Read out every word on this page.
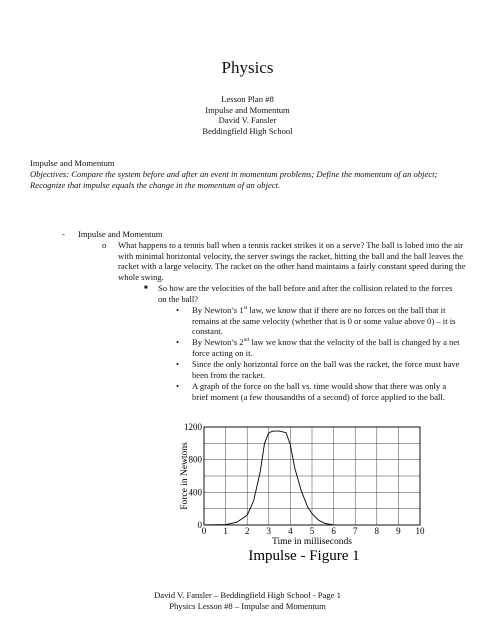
Physics
Lesson Plan #8
Impulse and Momentum
David V. Fansler
Beddingfield High School
Impulse and Momentum
Objectives: Compare the system before and after an event in momentum problems; Define the momentum of an object; Recognize that impulse equals the change in the momentum of an object.
- Impulse and Momentum
o What happens to a tennis ball when a tennis racket strikes it on a serve? The ball is lobed into the air with minimal horizontal velocity, the server swings the racket, hitting the ball and the ball leaves the racket with a large velocity. The racket on the other hand maintains a fairly constant speed during the whole swing.
■ So how are the velocities of the ball before and after the collision related to the forces on the ball?
• By Newton’s 1st law, we know that if there are no forces on the ball that it remains at the same velocity (whether that is 0 or some value above 0) – it is constant.
• By Newton’s 2nd law we know that the velocity of the ball is changed by a net force acting on it.
• Since the only horizontal force on the ball was the racket, the force must have been from the racket.
• A graph of the force on the ball vs. time would show that there was only a brief moment (a few thousandths of a second) of force applied to the ball.
0 1 2 3 4 5 6 7 8 9 10
0
400
800
1200
Time in milliseconds
Force in Newtons
Impulse - Figure 1
David V. Fansler – Beddingfield High School - Page 1
Physics Lesson #8 – Impulse and Momentum
